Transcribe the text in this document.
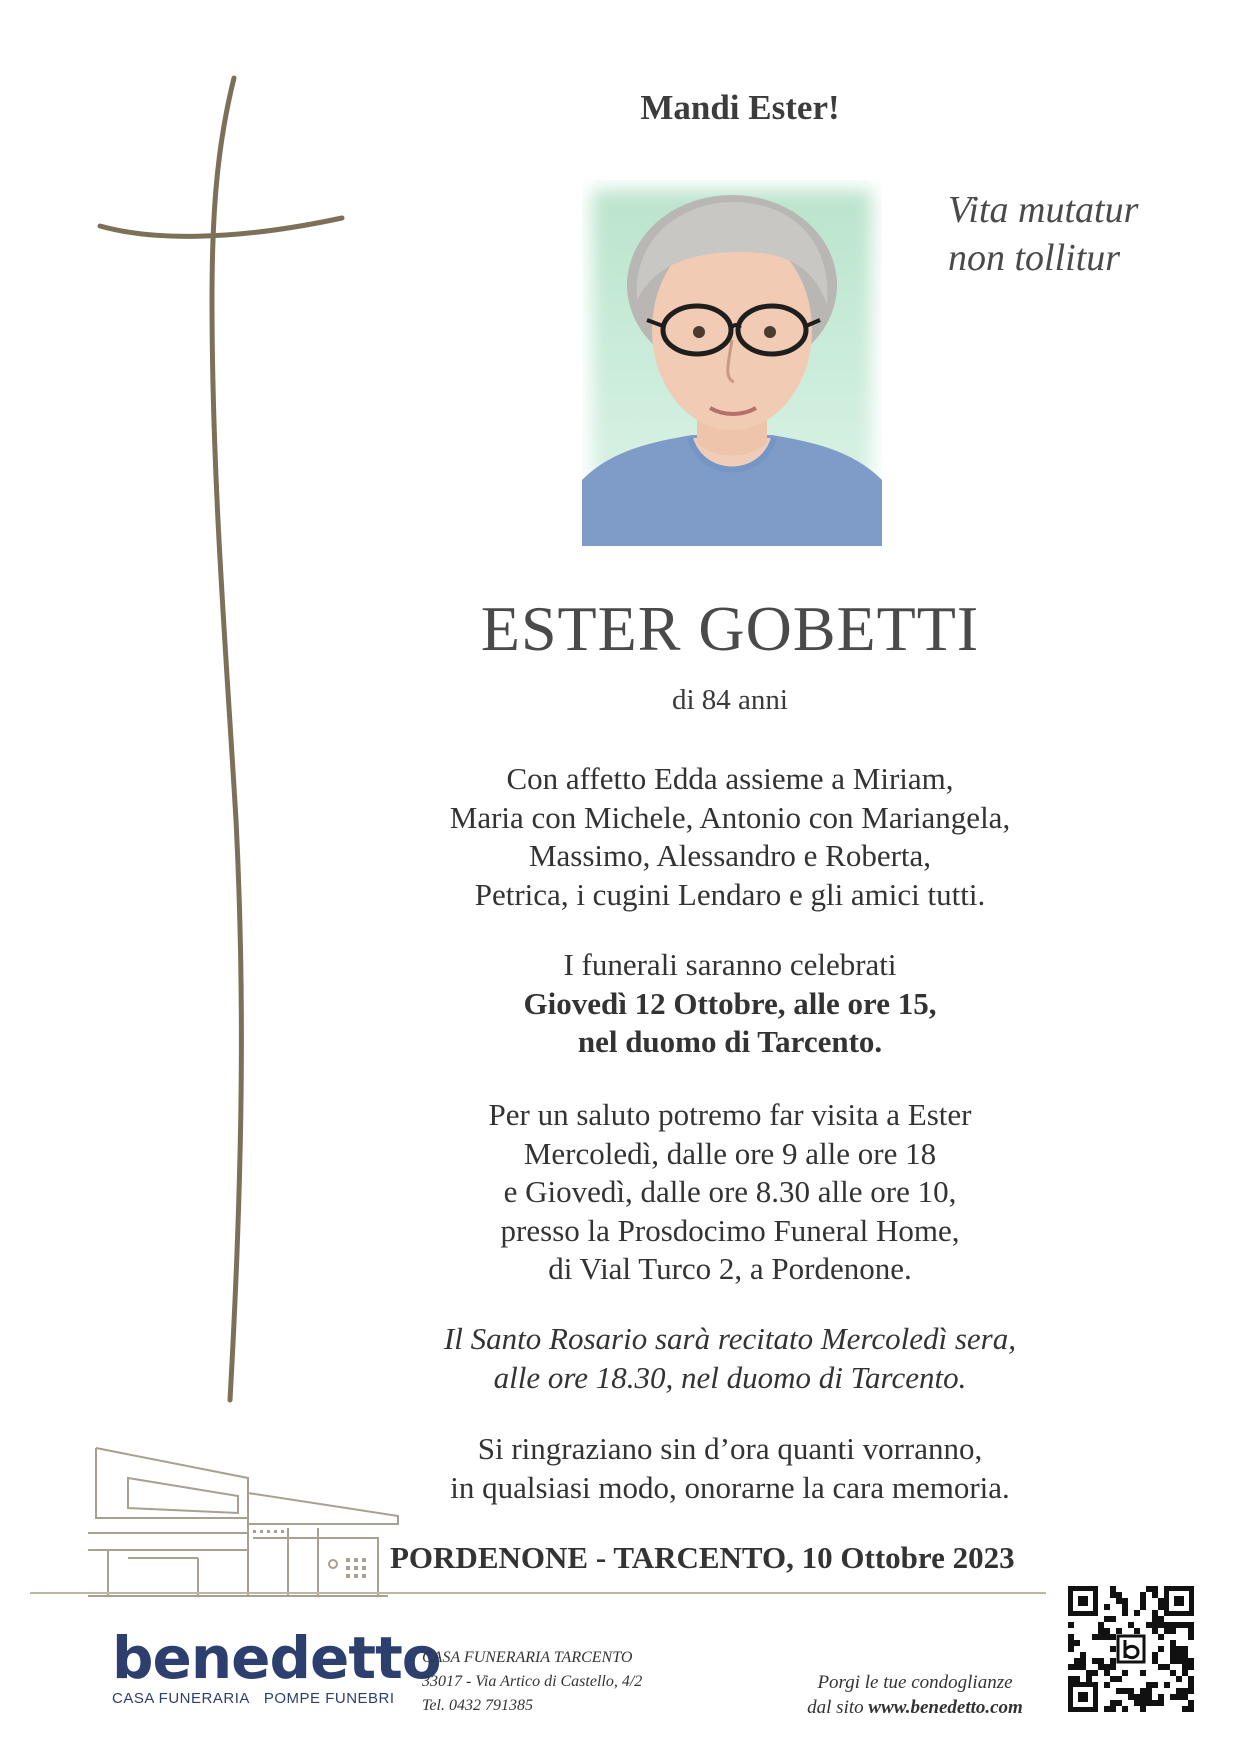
Mandi Ester!
Vita mutatur
non tollitur
ESTER GOBETTI
di 84 anni
Con affetto Edda assieme a Miriam,
Maria con Michele, Antonio con Mariangela,
Massimo, Alessandro e Roberta,
Petrica, i cugini Lendaro e gli amici tutti.
I funerali saranno celebrati
Giovedì 12 Ottobre, alle ore 15,
nel duomo di Tarcento.
Per un saluto potremo far visita a Ester
Mercoledì, dalle ore 9 alle ore 18
e Giovedì, dalle ore 8.30 alle ore 10,
presso la Prosdocimo Funeral Home,
di Vial Turco 2, a Pordenone.
Il Santo Rosario sarà recitato Mercoledì sera,
alle ore 18.30, nel duomo di Tarcento.
Si ringraziano sin d’ora quanti vorranno,
in qualsiasi modo, onorarne la cara memoria.
PORDENONE - TARCENTO, 10 Ottobre 2023
benedetto
CASA FUNERARIA POMPE FUNEBRI
CASA FUNERARIA TARCENTO
33017 - Via Artico di Castello, 4/2
Tel. 0432 791385
Porgi le tue condoglianze
dal sito www.benedetto.com
